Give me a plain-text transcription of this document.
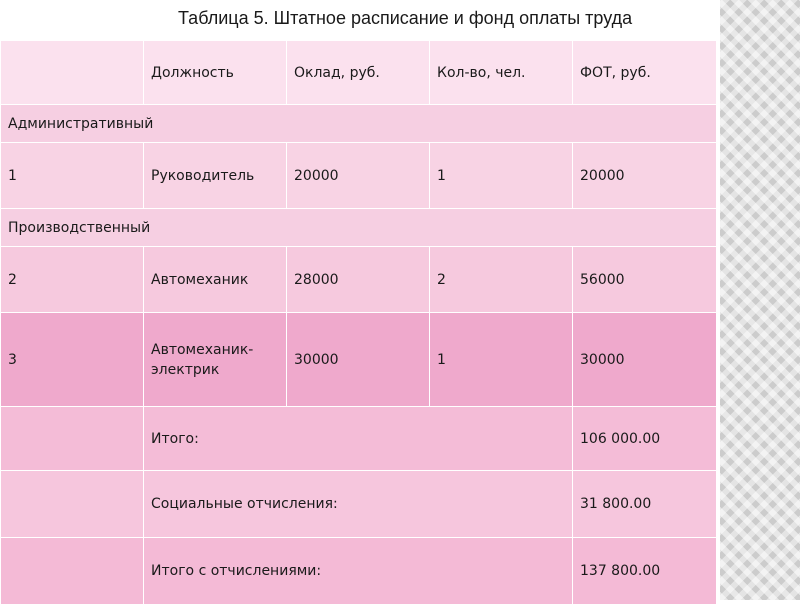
Таблица 5. Штатное расписание и фонд оплаты труда
	Должность	Оклад, руб.	Кол-во, чел.	ФОТ, руб.
Административный				
1	Руководитель	20000	1	20000
Производственный				
2	Автомеханик	28000	2	56000
3	Автомеханик-электрик	30000	1	30000
	Итого:			106 000.00
	Социальные отчисления:			31 800.00
	Итого с отчислениями:			137 800.00
